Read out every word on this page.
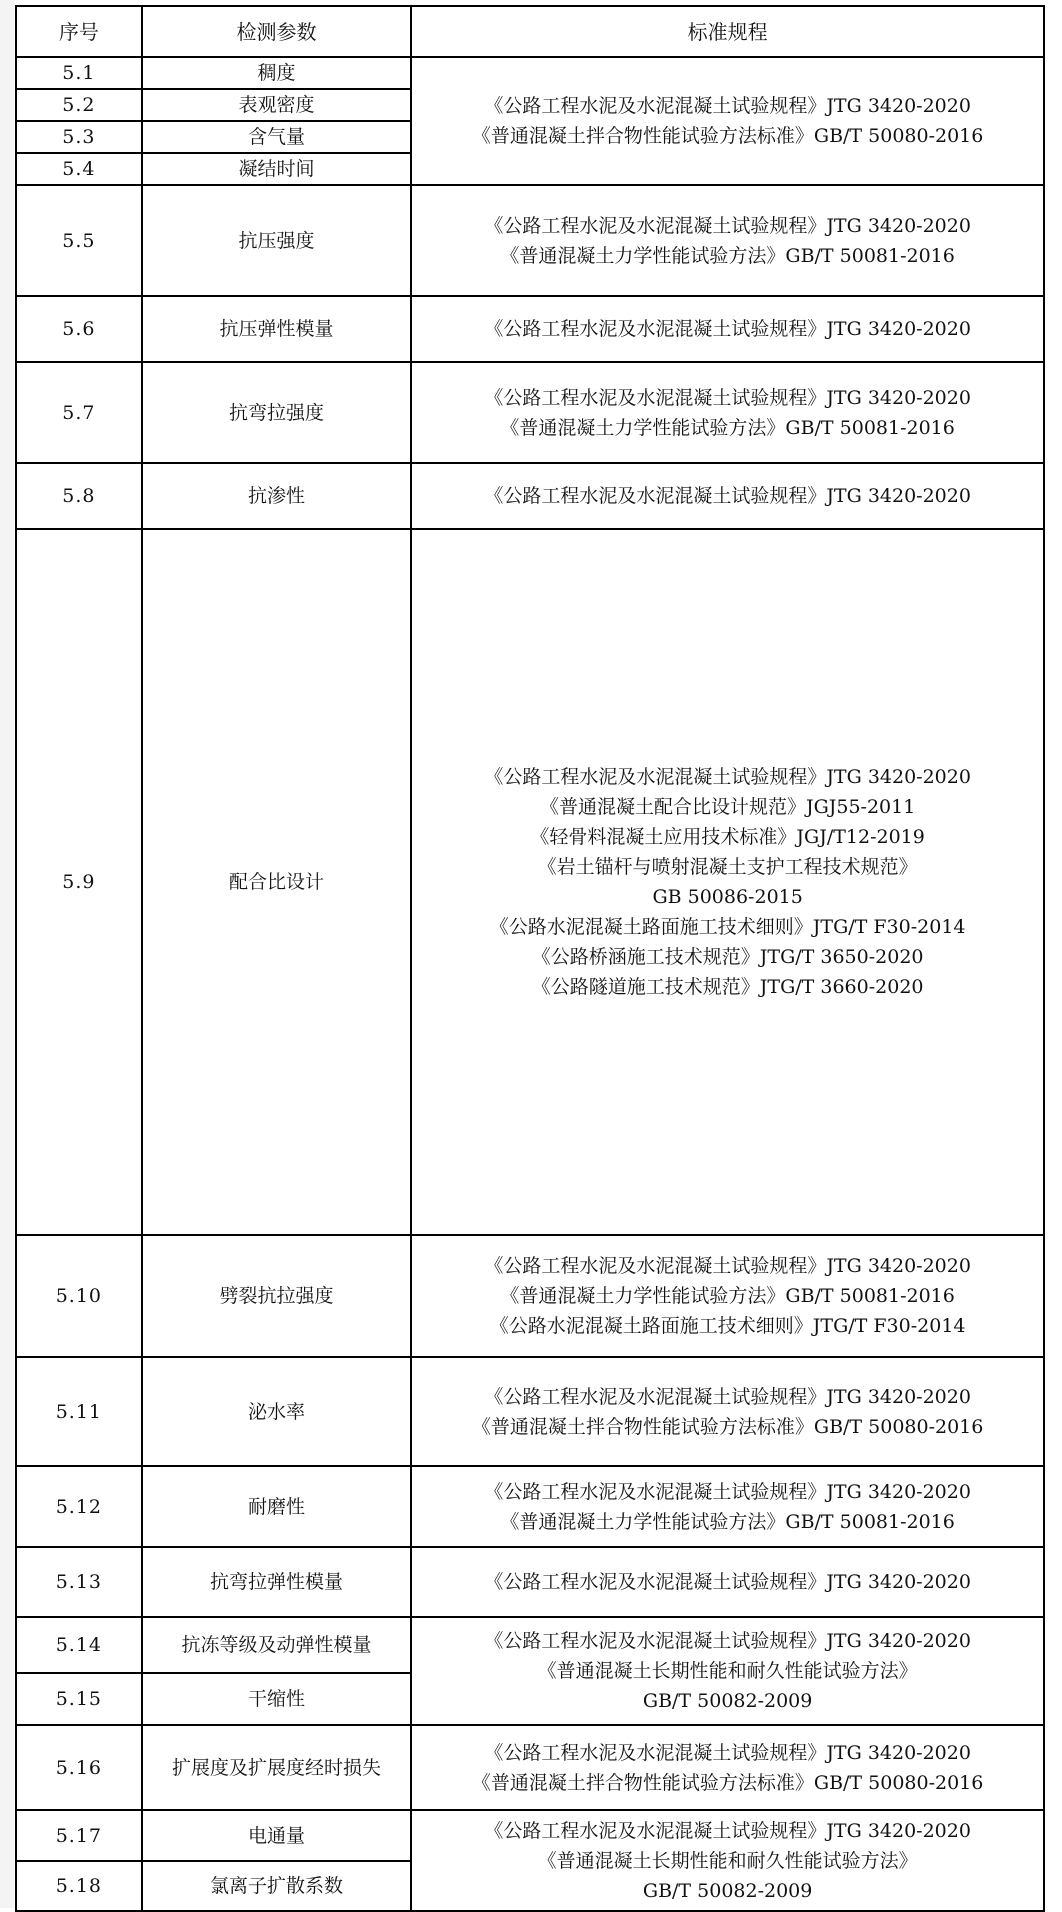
序号	检测参数	标准规程
5.1	稠度	《公路工程水泥及水泥混凝土试验规程》JTG 3420-2020
《普通混凝土拌合物性能试验方法标准》GB/T 50080-2016

5.2	表观密度	
5.3	含气量	
5.4	凝结时间	
5.5	抗压强度	《公路工程水泥及水泥混凝土试验规程》JTG 3420-2020
《普通混凝土力学性能试验方法》GB/T 50081-2016

5.6	抗压弹性模量	《公路工程水泥及水泥混凝土试验规程》JTG 3420-2020

5.7	抗弯拉强度	《公路工程水泥及水泥混凝土试验规程》JTG 3420-2020
《普通混凝土力学性能试验方法》GB/T 50081-2016

5.8	抗渗性	《公路工程水泥及水泥混凝土试验规程》JTG 3420-2020

5.9	配合比设计	
《公路工程水泥及水泥混凝土试验规程》JTG 3420-2020
《普通混凝土配合比设计规范》JGJ55-2011
《轻骨料混凝土应用技术标准》JGJ/T12-2019
《岩土锚杆与喷射混凝土支护工程技术规范》
GB 50086-2015
《公路水泥混凝土路面施工技术细则》JTG/T F30-2014
《公路桥涵施工技术规范》JTG/T 3650-2020
《公路隧道施工技术规范》JTG/T 3660-2020

5.10	劈裂抗拉强度	《公路工程水泥及水泥混凝土试验规程》JTG 3420-2020
《普通混凝土力学性能试验方法》GB/T 50081-2016
《公路水泥混凝土路面施工技术细则》JTG/T F30-2014

5.11	泌水率	《公路工程水泥及水泥混凝土试验规程》JTG 3420-2020
《普通混凝土拌合物性能试验方法标准》GB/T 50080-2016

5.12	耐磨性	《公路工程水泥及水泥混凝土试验规程》JTG 3420-2020
《普通混凝土力学性能试验方法》GB/T 50081-2016

5.13	抗弯拉弹性模量	《公路工程水泥及水泥混凝土试验规程》JTG 3420-2020

5.14	抗冻等级及动弹性模量	《公路工程水泥及水泥混凝土试验规程》JTG 3420-2020
《普通混凝土长期性能和耐久性能试验方法》
GB/T 50082-2009

5.15	干缩性	
5.16	扩展度及扩展度经时损失	《公路工程水泥及水泥混凝土试验规程》JTG 3420-2020
《普通混凝土拌合物性能试验方法标准》GB/T 50080-2016

5.17	电通量	《公路工程水泥及水泥混凝土试验规程》JTG 3420-2020
《普通混凝土长期性能和耐久性能试验方法》
GB/T 50082-2009

5.18	氯离子扩散系数	
